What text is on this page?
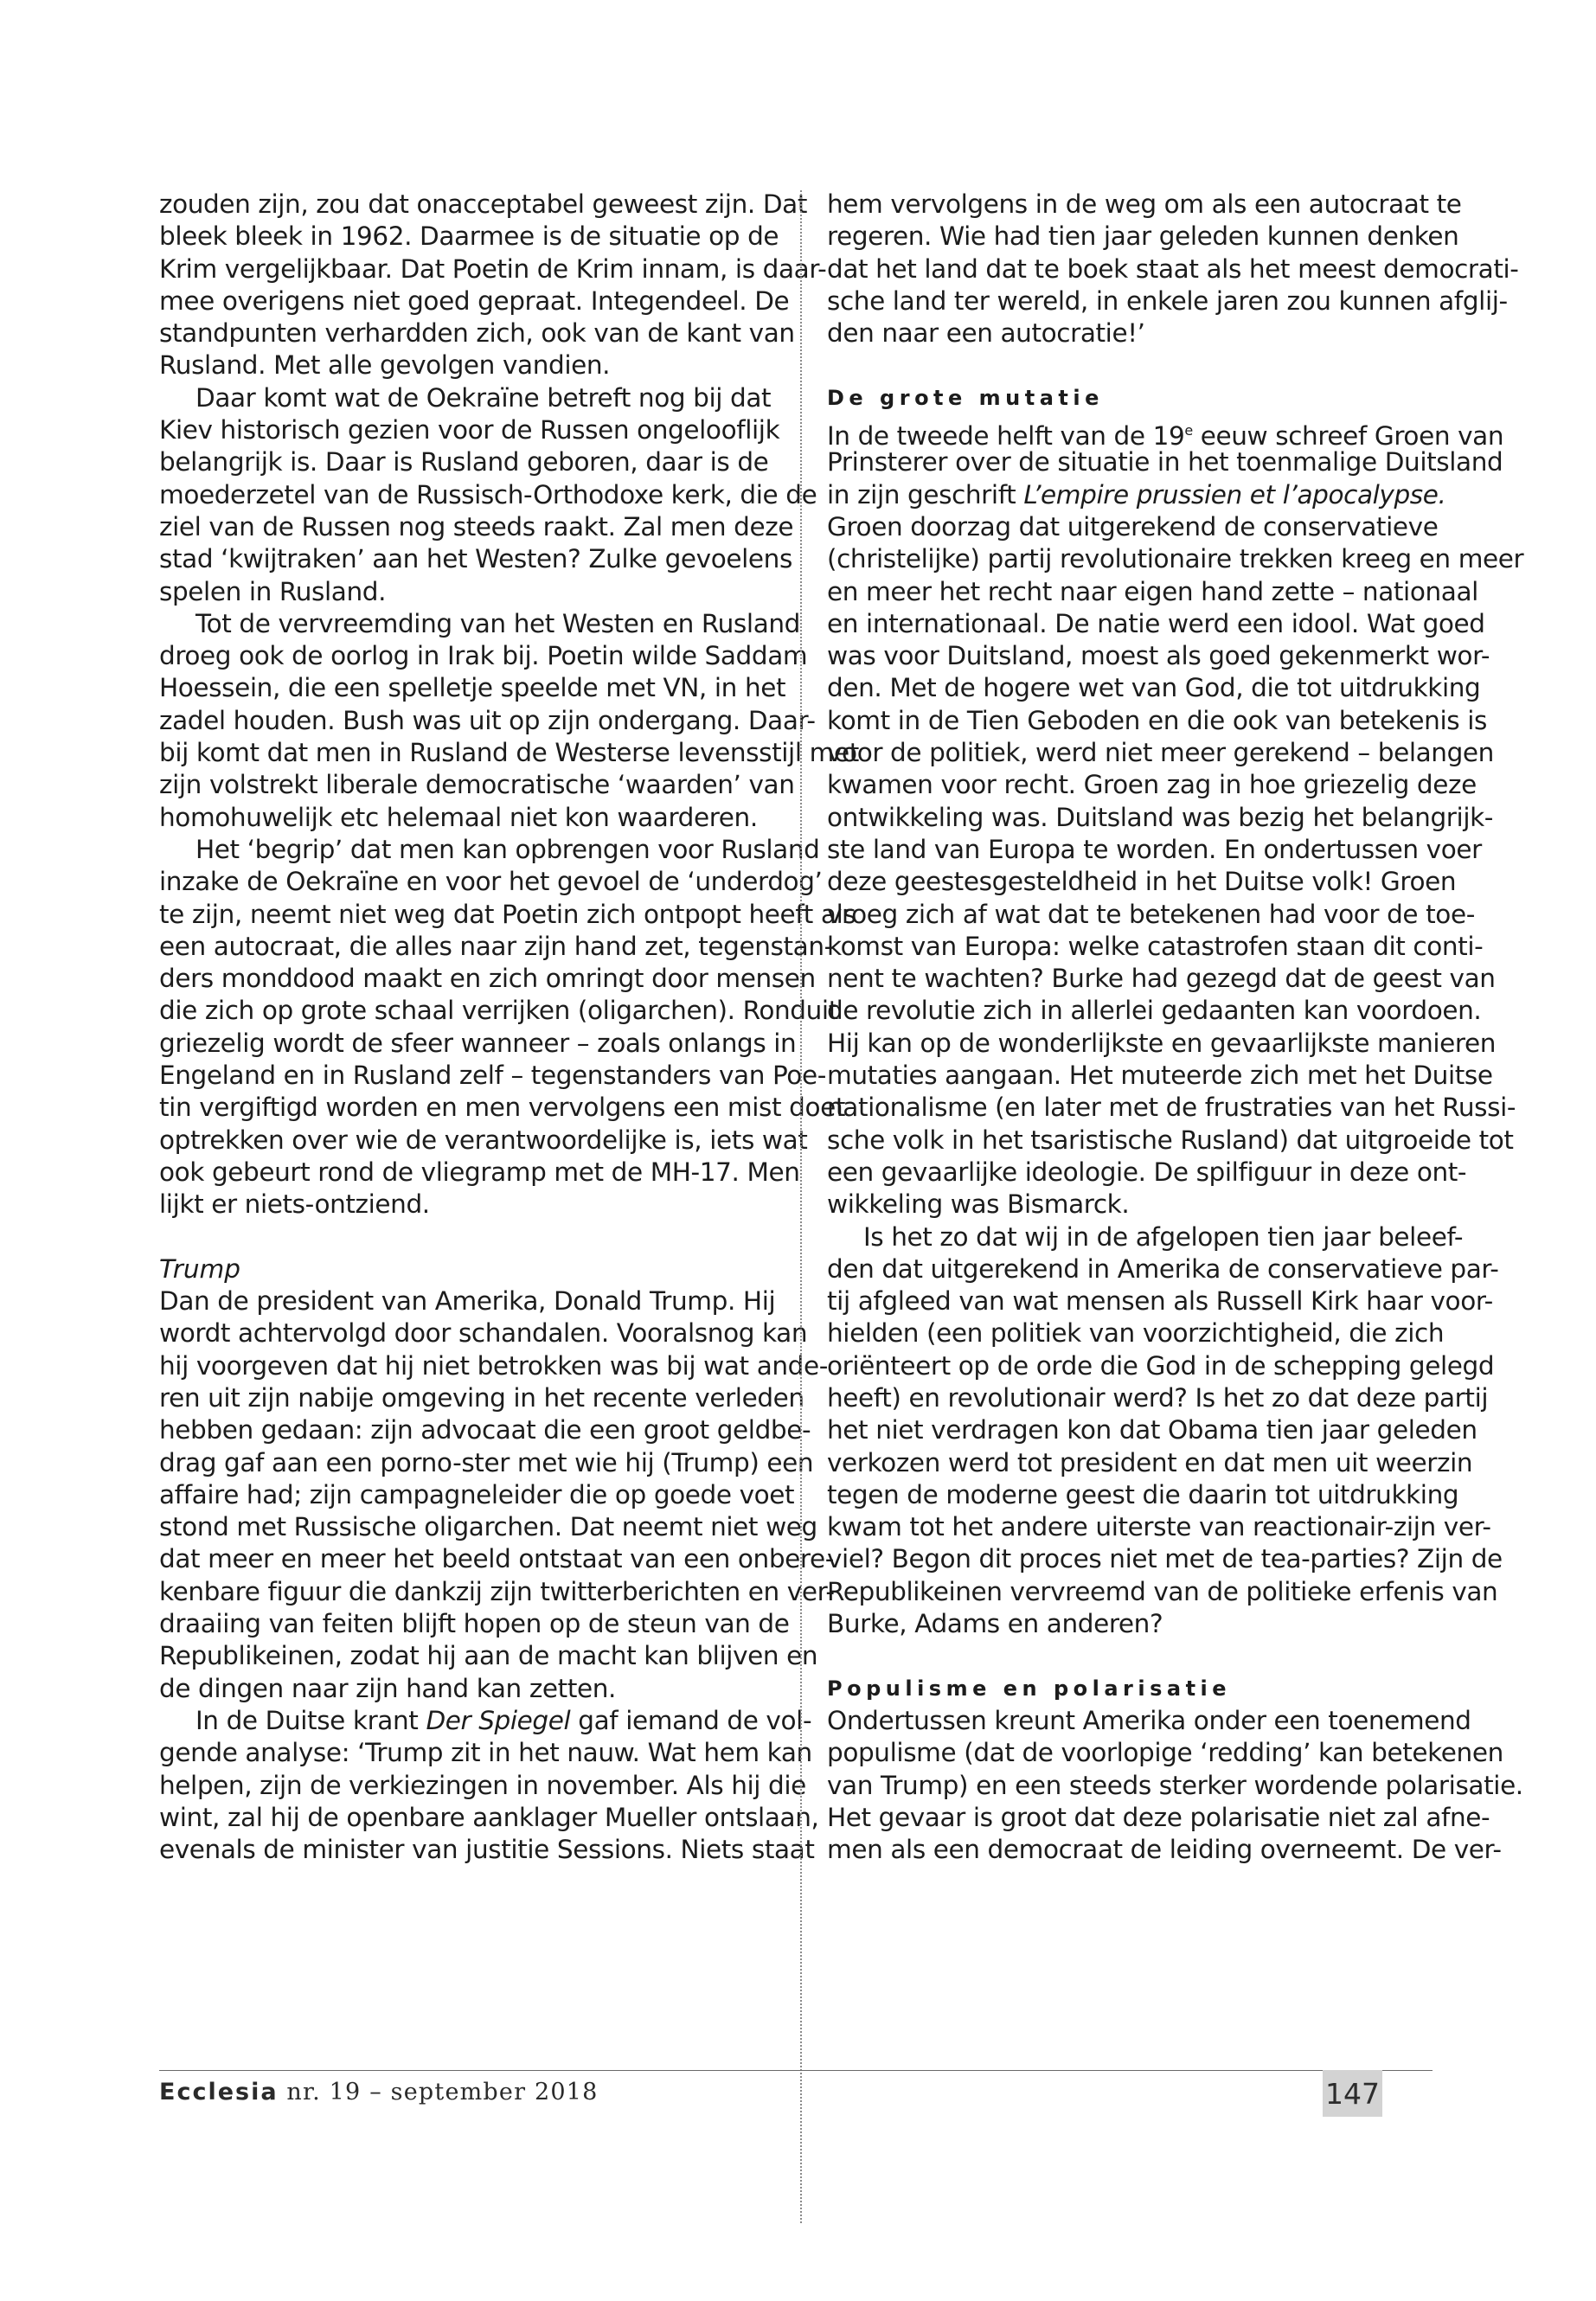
zouden zijn, zou dat onacceptabel geweest zijn. Dat
bleek bleek in 1962. Daarmee is de situatie op de
Krim vergelijkbaar. Dat Poetin de Krim innam, is daar-
mee overigens niet goed gepraat. Integendeel. De
standpunten verhardden zich, ook van de kant van
Rusland. Met alle gevolgen vandien.
Daar komt wat de Oekraïne betreft nog bij dat
Kiev historisch gezien voor de Russen ongelooflijk
belangrijk is. Daar is Rusland geboren, daar is de
moederzetel van de Russisch-Orthodoxe kerk, die de
ziel van de Russen nog steeds raakt. Zal men deze
stad ‘kwijtraken’ aan het Westen? Zulke gevoelens
spelen in Rusland.
Tot de vervreemding van het Westen en Rusland
droeg ook de oorlog in Irak bij. Poetin wilde Saddam
Hoessein, die een spelletje speelde met VN, in het
zadel houden. Bush was uit op zijn ondergang. Daar-
bij komt dat men in Rusland de Westerse levensstijl met
zijn volstrekt liberale democratische ‘waarden’ van
homohuwelijk etc helemaal niet kon waarderen.
Het ‘begrip’ dat men kan opbrengen voor Rusland
inzake de Oekraïne en voor het gevoel de ‘underdog’
te zijn, neemt niet weg dat Poetin zich ontpopt heeft als
een autocraat, die alles naar zijn hand zet, tegenstan-
ders monddood maakt en zich omringt door mensen
die zich op grote schaal verrijken (oligarchen). Ronduit
griezelig wordt de sfeer wanneer – zoals onlangs in
Engeland en in Rusland zelf – tegenstanders van Poe-
tin vergiftigd worden en men vervolgens een mist doet
optrekken over wie de verantwoordelijke is, iets wat
ook gebeurt rond de vliegramp met de MH-17. Men
lijkt er niets-ontziend.
Trump
Dan de president van Amerika, Donald Trump. Hij
wordt achtervolgd door schandalen. Vooralsnog kan
hij voorgeven dat hij niet betrokken was bij wat ande-
ren uit zijn nabije omgeving in het recente verleden
hebben gedaan: zijn advocaat die een groot geldbe-
drag gaf aan een porno-ster met wie hij (Trump) een
affaire had; zijn campagneleider die op goede voet
stond met Russische oligarchen. Dat neemt niet weg
dat meer en meer het beeld ontstaat van een onbere-
kenbare figuur die dankzij zijn twitterberichten en ver-
draaiing van feiten blijft hopen op de steun van de
Republikeinen, zodat hij aan de macht kan blijven en
de dingen naar zijn hand kan zetten.
In de Duitse krant Der Spiegel gaf iemand de vol-
gende analyse: ‘Trump zit in het nauw. Wat hem kan
helpen, zijn de verkiezingen in november. Als hij die
wint, zal hij de openbare aanklager Mueller ontslaan,
evenals de minister van justitie Sessions. Niets staat
hem vervolgens in de weg om als een autocraat te
regeren. Wie had tien jaar geleden kunnen denken
dat het land dat te boek staat als het meest democrati-
sche land ter wereld, in enkele jaren zou kunnen afglij-
den naar een autocratie!’
De grote mutatie
In de tweede helft van de 19e eeuw schreef Groen van
Prinsterer over de situatie in het toenmalige Duitsland
in zijn geschrift L’empire prussien et l’apocalypse.
Groen doorzag dat uitgerekend de conservatieve
(christelijke) partij revolutionaire trekken kreeg en meer
en meer het recht naar eigen hand zette – nationaal
en internationaal. De natie werd een idool. Wat goed
was voor Duitsland, moest als goed gekenmerkt wor-
den. Met de hogere wet van God, die tot uitdrukking
komt in de Tien Geboden en die ook van betekenis is
voor de politiek, werd niet meer gerekend – belangen
kwamen voor recht. Groen zag in hoe griezelig deze
ontwikkeling was. Duitsland was bezig het belangrijk-
ste land van Europa te worden. En ondertussen voer
deze geestesgesteldheid in het Duitse volk! Groen
vroeg zich af wat dat te betekenen had voor de toe-
komst van Europa: welke catastrofen staan dit conti-
nent te wachten? Burke had gezegd dat de geest van
de revolutie zich in allerlei gedaanten kan voordoen.
Hij kan op de wonderlijkste en gevaarlijkste manieren
mutaties aangaan. Het muteerde zich met het Duitse
nationalisme (en later met de frustraties van het Russi-
sche volk in het tsaristische Rusland) dat uitgroeide tot
een gevaarlijke ideologie. De spilfiguur in deze ont-
wikkeling was Bismarck.
Is het zo dat wij in de afgelopen tien jaar beleef-
den dat uitgerekend in Amerika de conservatieve par-
tij afgleed van wat mensen als Russell Kirk haar voor-
hielden (een politiek van voorzichtigheid, die zich
oriënteert op de orde die God in de schepping gelegd
heeft) en revolutionair werd? Is het zo dat deze partij
het niet verdragen kon dat Obama tien jaar geleden
verkozen werd tot president en dat men uit weerzin
tegen de moderne geest die daarin tot uitdrukking
kwam tot het andere uiterste van reactionair-zijn ver-
viel? Begon dit proces niet met de tea-parties? Zijn de
Republikeinen vervreemd van de politieke erfenis van
Burke, Adams en anderen?
Populisme en polarisatie
Ondertussen kreunt Amerika onder een toenemend
populisme (dat de voorlopige ‘redding’ kan betekenen
van Trump) en een steeds sterker wordende polarisatie.
Het gevaar is groot dat deze polarisatie niet zal afne-
men als een democraat de leiding overneemt. De ver-
Ecclesia nr. 19 – september 2018	147
